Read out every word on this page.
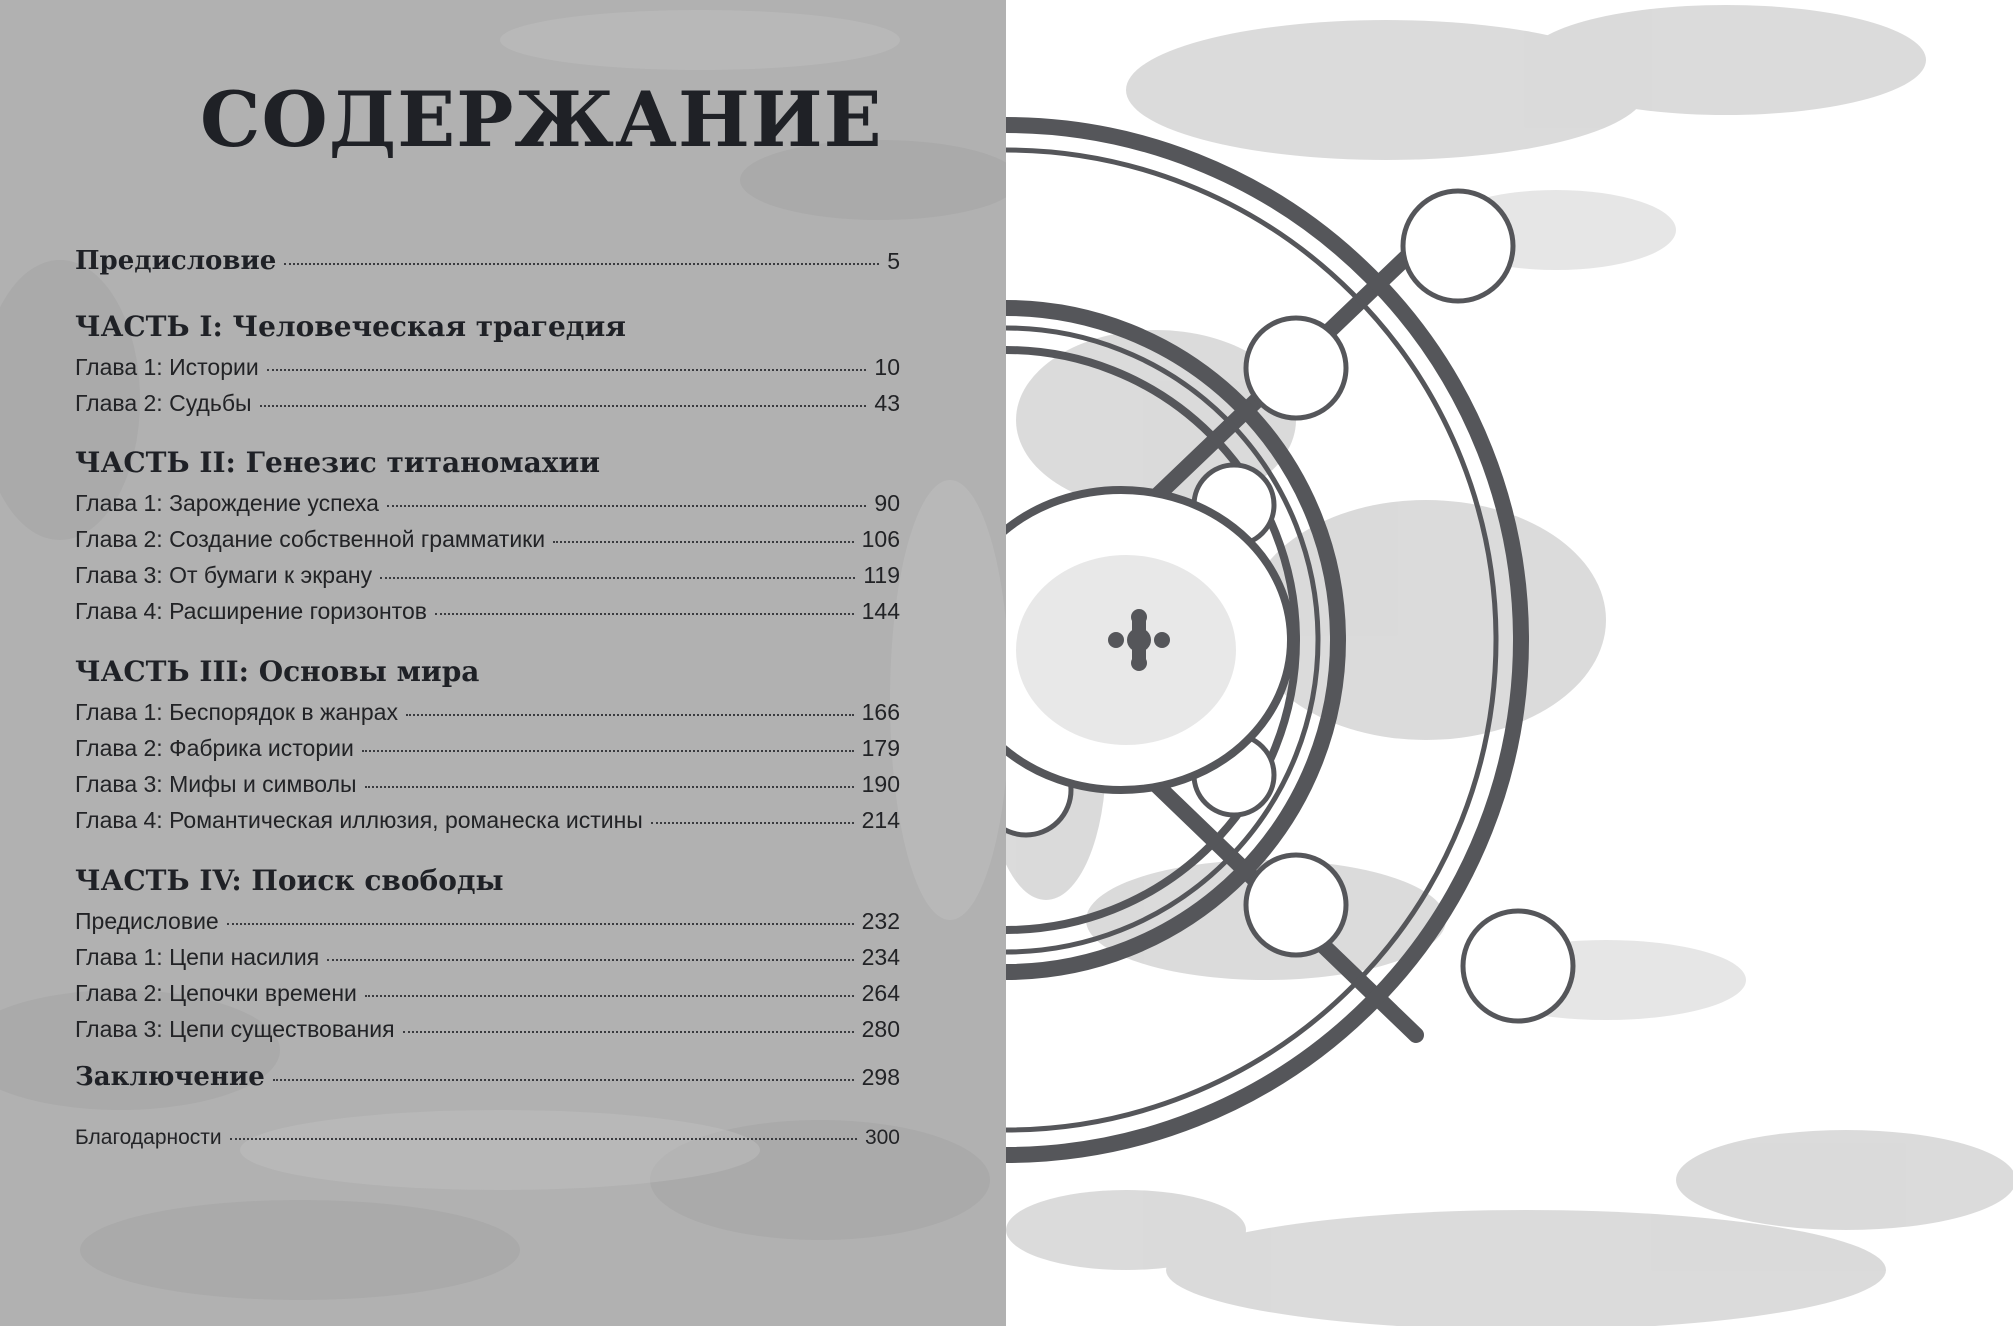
СОДЕРЖАНИЕ
Предисловие	5
ЧАСТЬ I: Человеческая трагедия
Глава 1: Истории	10
Глава 2: Судьбы	43
ЧАСТЬ II: Генезис титаномахии
Глава 1: Зарождение успеха	90
Глава 2: Создание собственной грамматики	106
Глава 3: От бумаги к экрану	119
Глава 4: Расширение горизонтов	144
ЧАСТЬ III: Основы мира
Глава 1: Беспорядок в жанрах	166
Глава 2: Фабрика истории	179
Глава 3: Мифы и символы	190
Глава 4: Романтическая иллюзия, романеска истины	214
ЧАСТЬ IV: Поиск свободы
Предисловие	232
Глава 1: Цепи насилия	234
Глава 2: Цепочки времени	264
Глава 3: Цепи существования	280
Заключение	298
Благодарности	300
